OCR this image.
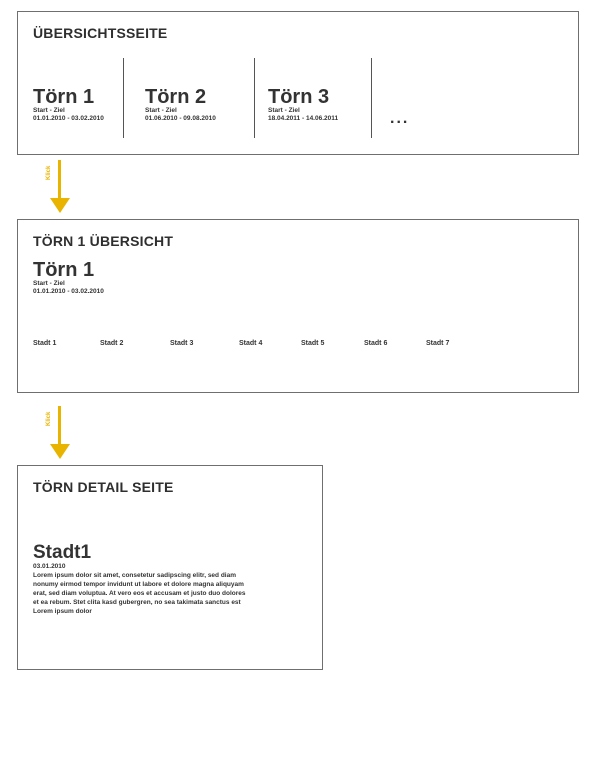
ÜBERSICHTSSEITE
Törn 1
Start - Ziel
01.01.2010 - 03.02.2010
Törn 2
Start - Ziel
01.06.2010 - 09.08.2010
Törn 3
Start - Ziel
18.04.2011 - 14.06.2011	...
Klick
TÖRN 1 ÜBERSICHT
Törn 1
Start - Ziel
01.01.2010 - 03.02.2010
Stadt 1	Stadt 2	Stadt 3	Stadt 4	Stadt 5	Stadt 6	Stadt 7
Klick
TÖRN DETAIL SEITE
Stadt1
03.01.2010
Lorem ipsum dolor sit amet, consetetur sadipscing elitr, sed diam nonumy eirmod tempor invidunt ut labore et dolore magna aliquyam erat, sed diam voluptua. At vero eos et accusam et justo duo dolores et ea rebum. Stet clita kasd gubergren, no sea takimata sanctus est Lorem ipsum dolor
